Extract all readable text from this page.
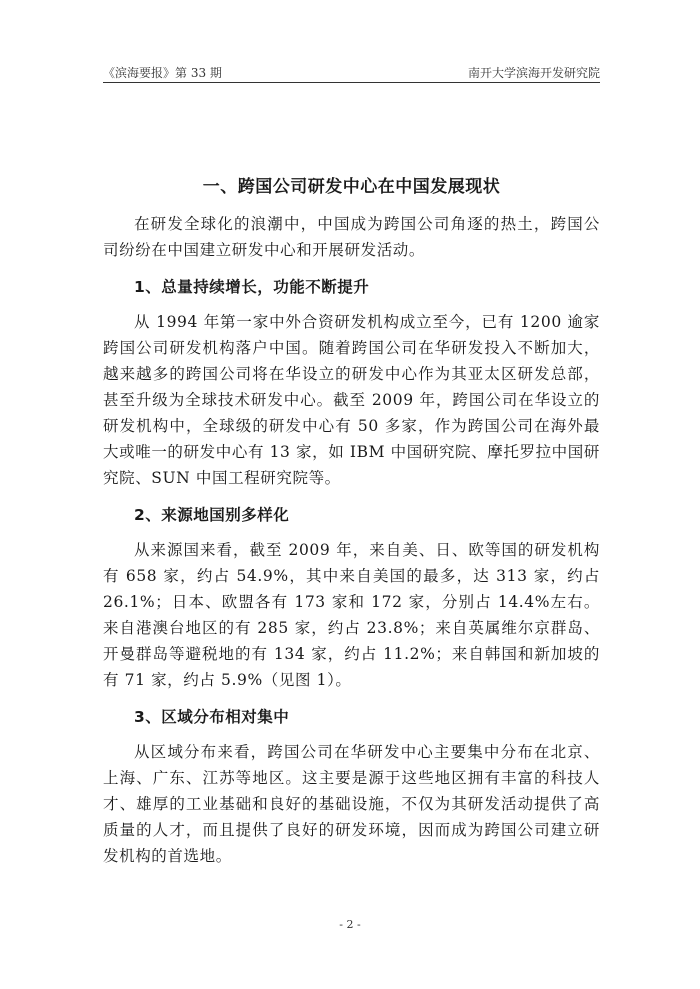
《滨海要报》第 33 期	南开大学滨海开发研究院
一、跨国公司研发中心在中国发展现状

在研发全球化的浪潮中，中国成为跨国公司角逐的热土，跨国公司纷纷在中国建立研发中心和开展研发活动。

1、总量持续增长，功能不断提升

从 1994 年第一家中外合资研发机构成立至今，已有 1200 逾家跨国公司研发机构落户中国。随着跨国公司在华研发投入不断加大，越来越多的跨国公司将在华设立的研发中心作为其亚太区研发总部，甚至升级为全球技术研发中心。截至 2009 年，跨国公司在华设立的研发机构中，全球级的研发中心有 50 多家，作为跨国公司在海外最大或唯一的研发中心有 13 家，如 IBM 中国研究院、摩托罗拉中国研究院、SUN 中国工程研究院等。

2、来源地国别多样化

从来源国来看，截至 2009 年，来自美、日、欧等国的研发机构有 658 家，约占 54.9%，其中来自美国的最多，达 313 家，约占 26.1%；日本、欧盟各有 173 家和 172 家，分别占 14.4%左右。来自港澳台地区的有 285 家，约占 23.8%；来自英属维尔京群岛、开曼群岛等避税地的有 134 家，约占 11.2%；来自韩国和新加坡的有 71 家，约占 5.9%（见图 1）。

3、区域分布相对集中

从区域分布来看，跨国公司在华研发中心主要集中分布在北京、上海、广东、江苏等地区。这主要是源于这些地区拥有丰富的科技人才、雄厚的工业基础和良好的基础设施，不仅为其研发活动提供了高质量的人才，而且提供了良好的研发环境，因而成为跨国公司建立研发机构的首选地。

- 2 -
